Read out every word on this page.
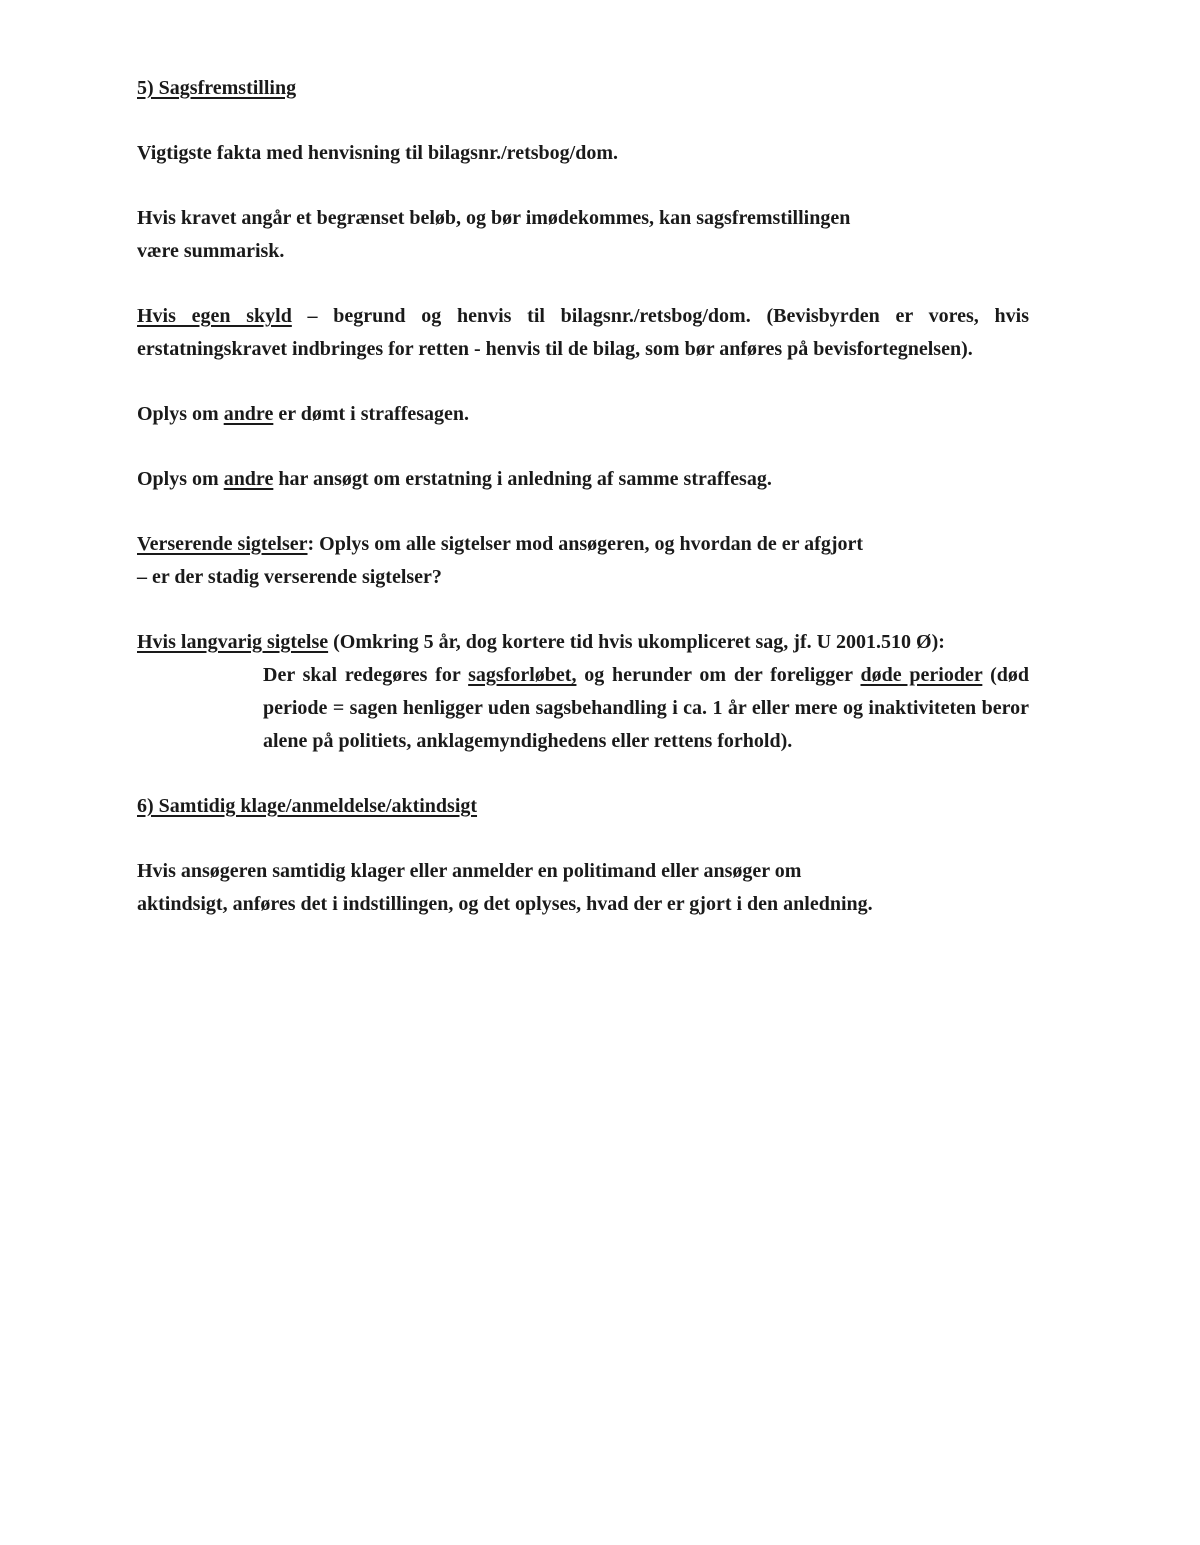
5) Sagsfremstilling

Vigtigste fakta med henvisning til bilagsnr./retsbog/dom.

Hvis kravet angår et begrænset beløb, og bør imødekommes, kan sagsfremstillingen
være summarisk.

Hvis egen skyld – begrund og henvis til bilagsnr./retsbog/dom. (Bevisbyrden er vores, hvis erstatningskravet indbringes for retten - henvis til de bilag, som bør anføres på bevisfortegnelsen).

Oplys om andre er dømt i straffesagen.

Oplys om andre har ansøgt om erstatning i anledning af samme straffesag.

Verserende sigtelser: Oplys om alle sigtelser mod ansøgeren, og hvordan de er afgjort
– er der stadig verserende sigtelser?

Hvis langvarig sigtelse (Omkring 5 år, dog kortere tid hvis ukompliceret sag, jf. U 2001.510 Ø):

Der skal redegøres for sagsforløbet, og herunder om der foreligger døde perioder (død periode = sagen henligger uden sagsbehandling i ca. 1 år eller mere og inaktiviteten beror alene på politiets, anklagemyndighedens eller rettens forhold).

6) Samtidig klage/anmeldelse/aktindsigt

Hvis ansøgeren samtidig klager eller anmelder en politimand eller ansøger om
aktindsigt, anføres det i indstillingen, og det oplyses, hvad der er gjort i den anledning.
